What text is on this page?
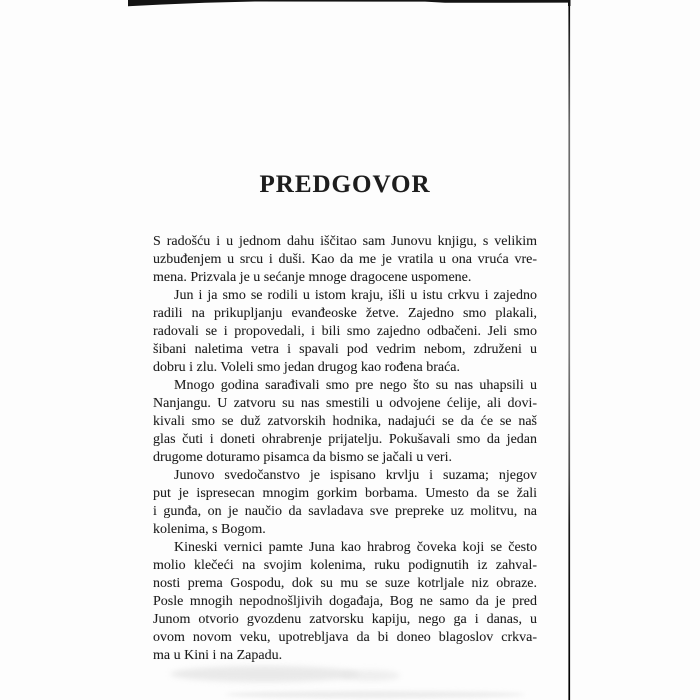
PREDGOVOR
S radošću i u jednom dahu iščitao sam Junovu knjigu, s velikim
uzbuđenjem u srcu i duši. Kao da me je vratila u ona vruća vre-
mena. Prizvala je u sećanje mnoge dragocene uspomene.
Jun i ja smo se rodili u istom kraju, išli u istu crkvu i zajedno
radili na prikupljanju evanđeoske žetve. Zajedno smo plakali,
radovali se i propovedali, i bili smo zajedno odbačeni. Jeli smo
šibani naletima vetra i spavali pod vedrim nebom, združeni u
dobru i zlu. Voleli smo jedan drugog kao rođena braća.
Mnogo godina sarađivali smo pre nego što su nas uhapsili u
Nanjangu. U zatvoru su nas smestili u odvojene ćelije, ali dovi-
kivali smo se duž zatvorskih hodnika, nadajući se da će se naš
glas čuti i doneti ohrabrenje prijatelju. Pokušavali smo da jedan
drugome doturamo pisamca da bismo se jačali u veri.
Junovo svedočanstvo je ispisano krvlju i suzama; njegov
put je ispresecan mnogim gorkim borbama. Umesto da se žali
i gunđa, on je naučio da savladava sve prepreke uz molitvu, na
kolenima, s Bogom.
Kineski vernici pamte Juna kao hrabrog čoveka koji se često
molio klečeći na svojim kolenima, ruku podignutih iz zahval-
nosti prema Gospodu, dok su mu se suze kotrljale niz obraze.
Posle mnogih nepodnošljivih događaja, Bog ne samo da je pred
Junom otvorio gvozdenu zatvorsku kapiju, nego ga i danas, u
ovom novom veku, upotrebljava da bi doneo blagoslov crkva-
ma u Kini i na Zapadu.
